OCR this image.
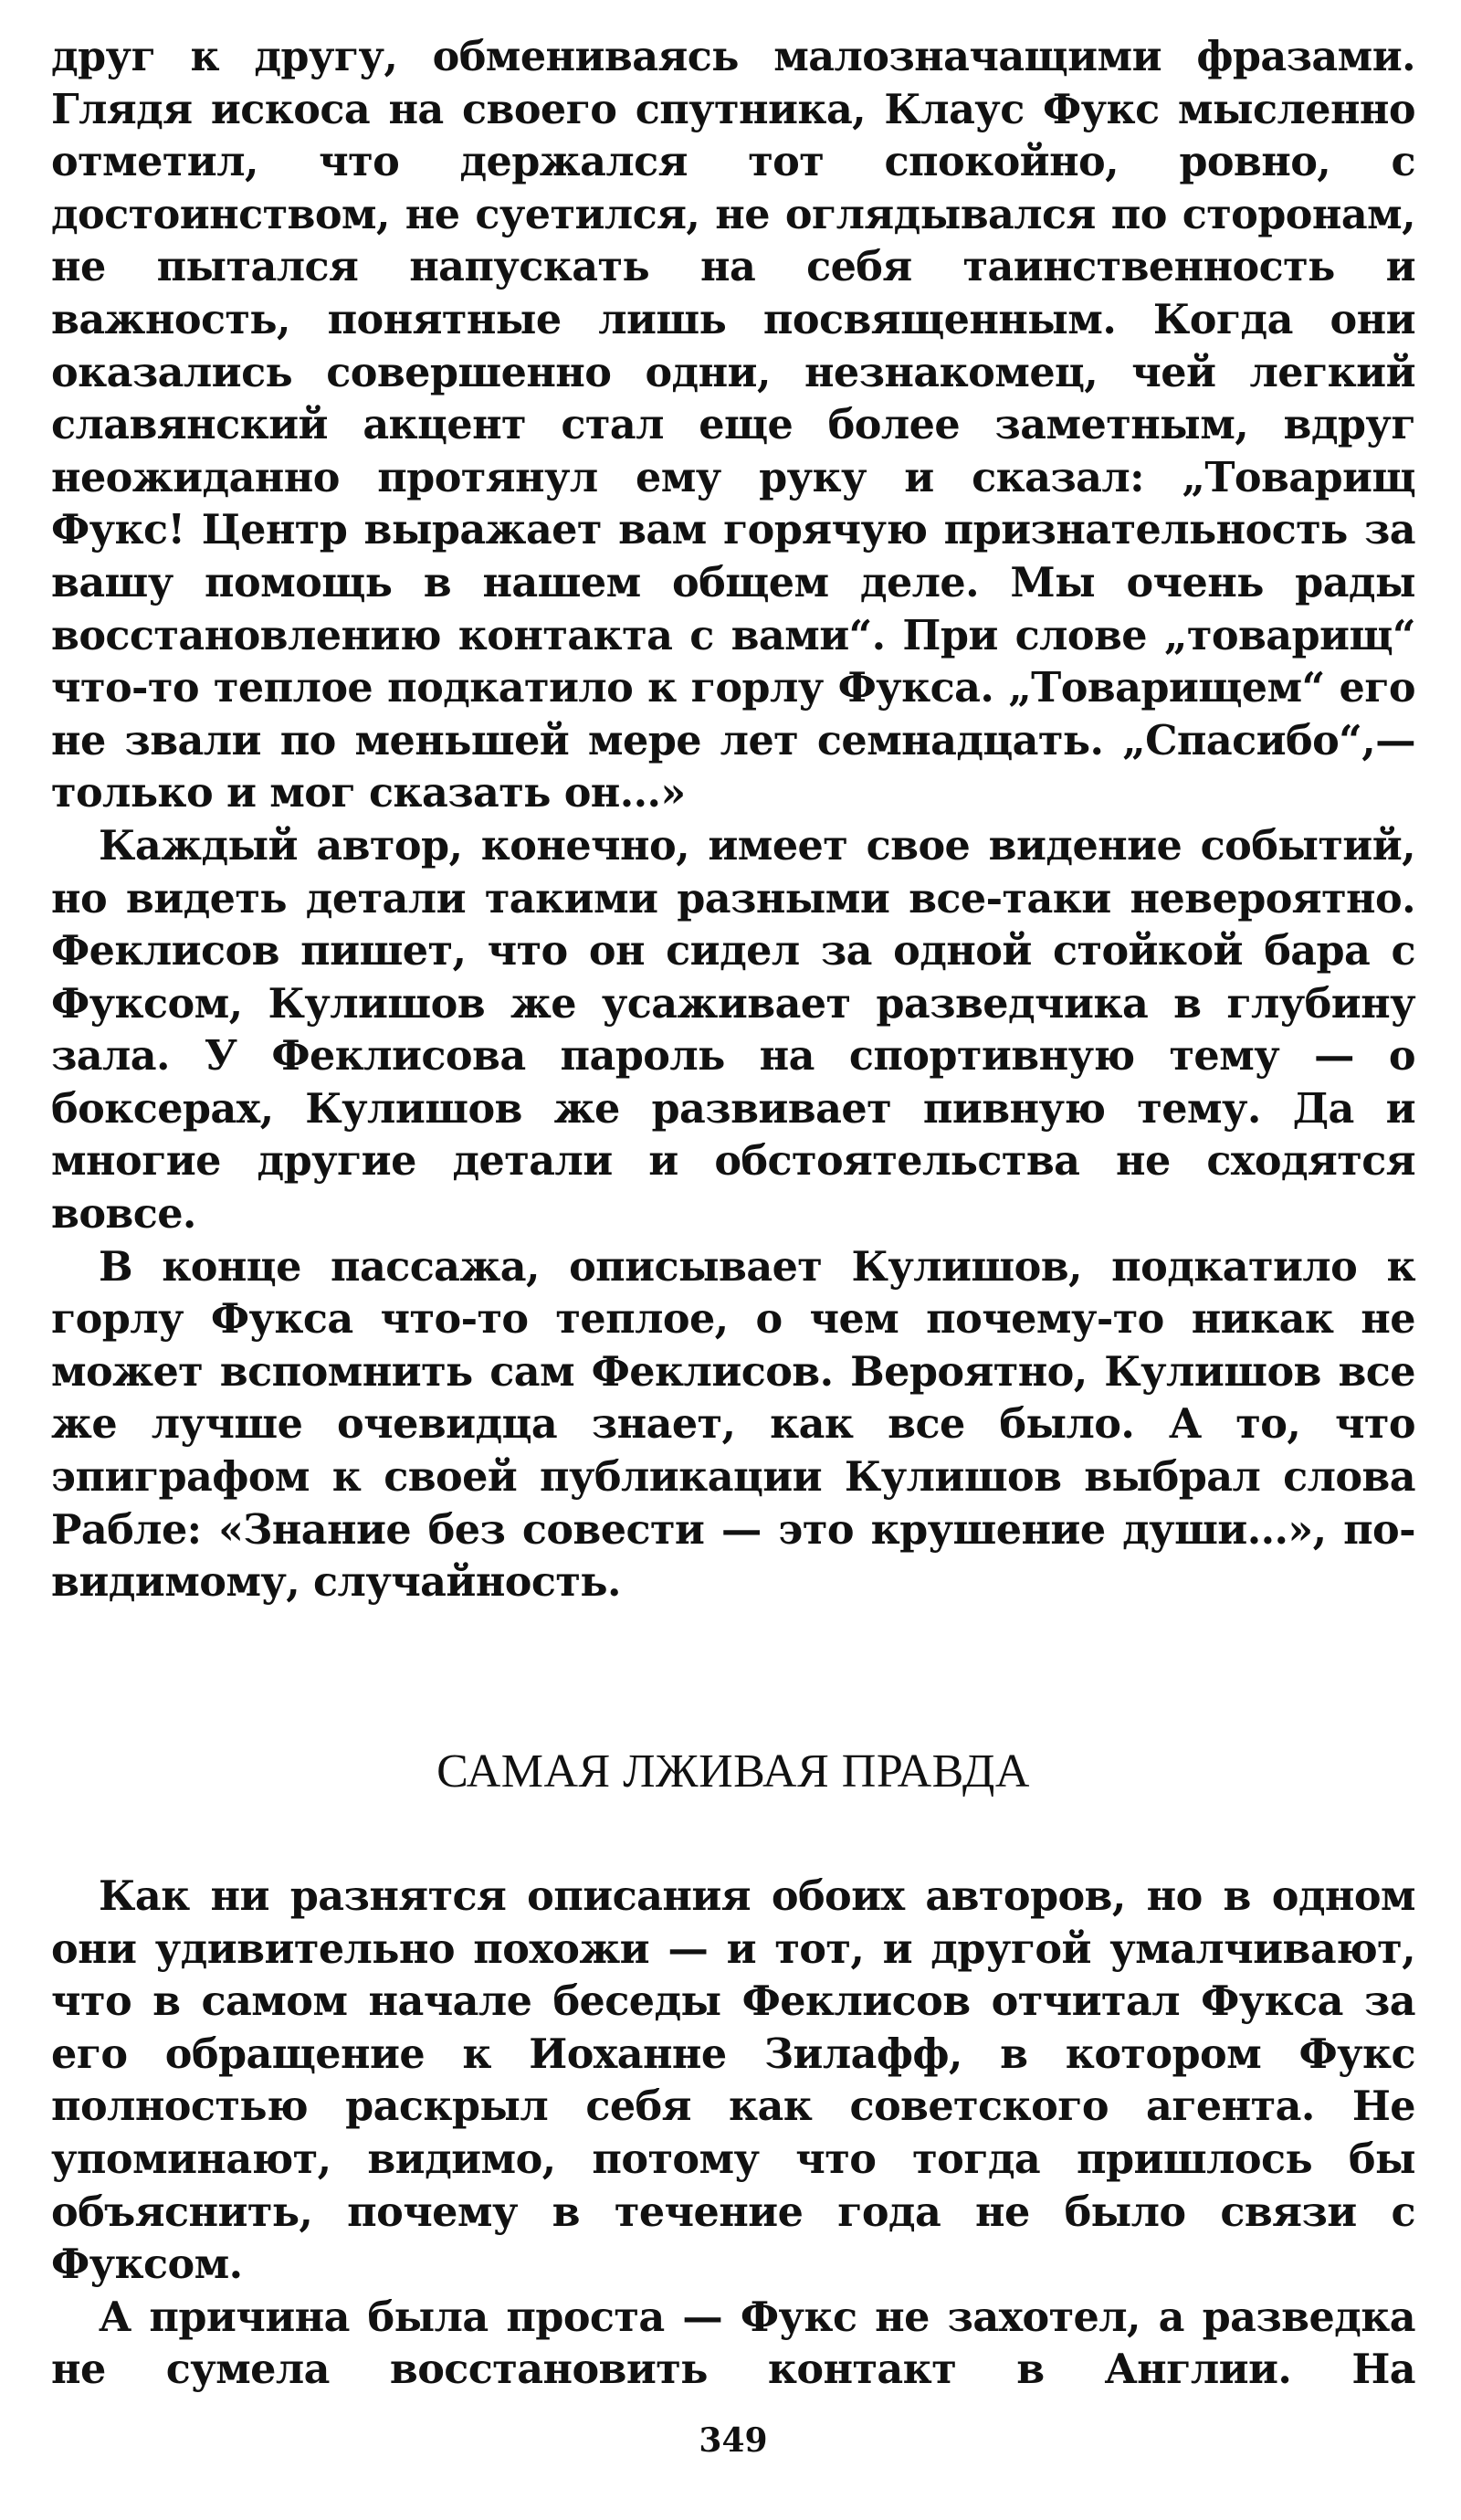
друг к другу, обмениваясь малозначащими фразами. Глядя искоса на своего спутника, Клаус Фукс мысленно отметил, что держался тот спокойно, ровно, с достоинством, не суетился, не оглядывался по сторонам, не пытался напускать на себя таинственность и важность, понятные лишь посвященным. Когда они оказались совершенно одни, незнакомец, чей легкий славянский акцент стал еще более заметным, вдруг неожиданно протянул ему руку и сказал: „Товарищ Фукс! Центр выражает вам горячую признательность за вашу помощь в нашем общем деле. Мы очень рады восстановлению контакта с вами“. При слове „товарищ“ что-то теплое подкатило к горлу Фукса. „Товарищем“ его не звали по меньшей мере лет семнадцать. „Спасибо“,— только и мог сказать он...»

Каждый автор, конечно, имеет свое видение событий, но видеть детали такими разными все-таки невероятно. Феклисов пишет, что он сидел за одной стойкой бара с Фуксом, Кулишов же усаживает разведчика в глубину зала. У Феклисова пароль на спортивную тему — о боксерах, Кулишов же развивает пивную тему. Да и многие другие детали и обстоятельства не сходятся вовсе.

В конце пассажа, описывает Кулишов, подкатило к горлу Фукса что-то теплое, о чем почему-то никак не может вспомнить сам Феклисов. Вероятно, Кулишов все же лучше очевидца знает, как все было. А то, что эпиграфом к своей публикации Кулишов выбрал слова Рабле: «Знание без совести — это крушение души...», по-видимому, случайность.

САМАЯ ЛЖИВАЯ ПРАВДА

Как ни разнятся описания обоих авторов, но в одном они удивительно похожи — и тот, и другой умалчивают, что в самом начале беседы Феклисов отчитал Фукса за его обращение к Иоханне Зилафф, в котором Фукс полностью раскрыл себя как советского агента. Не упоминают, видимо, потому что тогда пришлось бы объяснить, почему в течение года не было связи с Фуксом.

А причина была проста — Фукс не захотел, а разведка не сумела восстановить контакт в Англии. На

349
